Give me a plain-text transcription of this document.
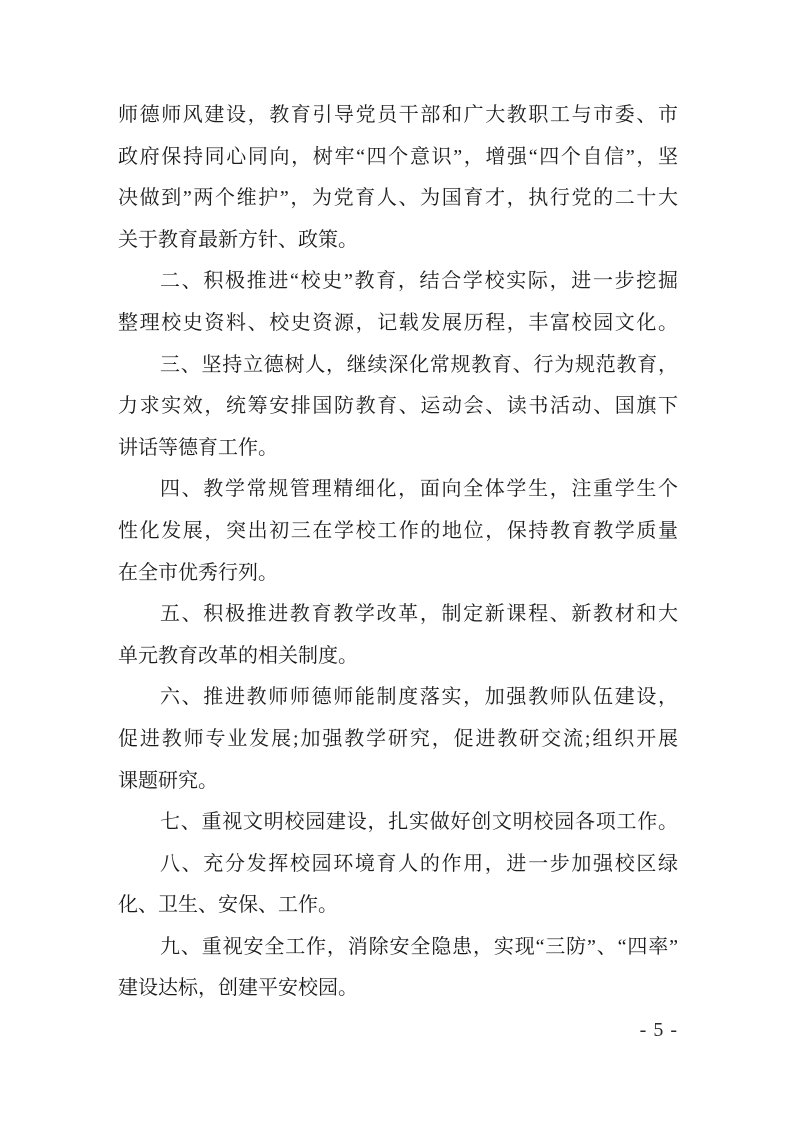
师德师风建设，教育引导党员干部和广大教职工与市委、市
政府保持同心同向，树牢“四个意识”，增强“四个自信”，坚
决做到”两个维护”，为党育人、为国育才，执行党的二十大
关于教育最新方针、政策。
二、积极推进“校史”教育，结合学校实际，进一步挖掘
整理校史资料、校史资源，记载发展历程，丰富校园文化。
三、坚持立德树人，继续深化常规教育、行为规范教育，
力求实效，统筹安排国防教育、运动会、读书活动、国旗下
讲话等德育工作。
四、教学常规管理精细化，面向全体学生，注重学生个
性化发展，突出初三在学校工作的地位，保持教育教学质量
在全市优秀行列。
五、积极推进教育教学改革，制定新课程、新教材和大
单元教育改革的相关制度。
六、推进教师师德师能制度落实，加强教师队伍建设，
促进教师专业发展;加强教学研究，促进教研交流;组织开展
课题研究。
七、重视文明校园建设，扎实做好创文明校园各项工作。
八、充分发挥校园环境育人的作用，进一步加强校区绿
化、卫生、安保、工作。
九、重视安全工作，消除安全隐患，实现“三防”、“四率”
建设达标，创建平安校园。
- 5 -
